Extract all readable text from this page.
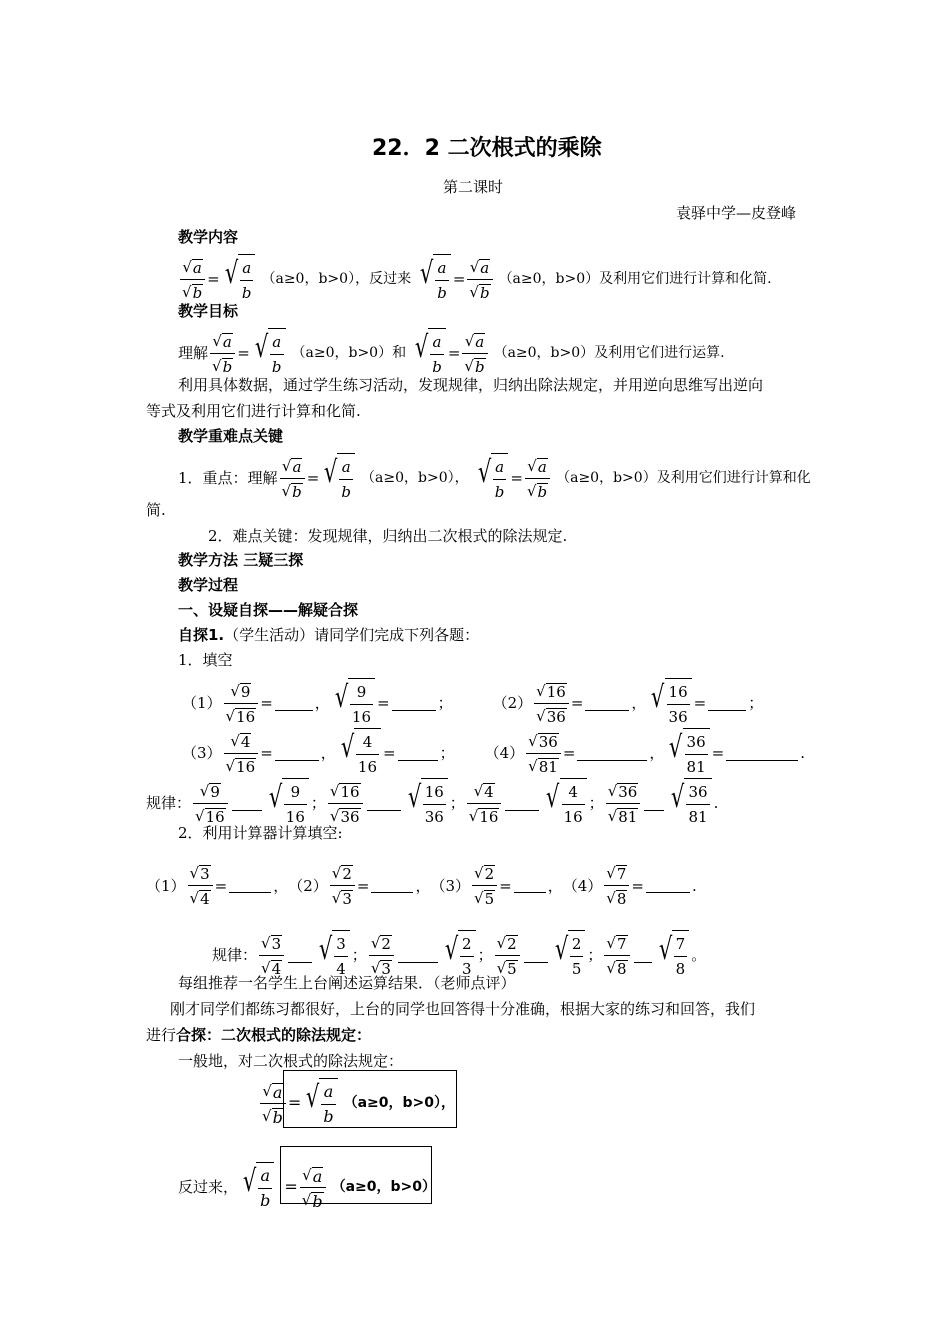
22．2 二次根式的乘除
第二课时
袁驿中学—皮登峰
教学内容
$\frac{√ a}{√ b}$ = √ $\frac{a}{b} (a\ge 0$，b>0），反过来 √ $\frac{a}{b} = \frac{√ a}{√ b} (a\ge 0$，b>0）及利用它们进行计算和化简.
教学目标
理解 $\frac{√ a}{√ b}$ = √ $\frac{a}{b} (a\ge 0$，b>0）和 √ $\frac{a}{b} = \frac{√ a}{√ b} (a\ge 0$，b>0）及利用它们进行运算.
利用具体数据，通过学生练习活动，发现规律，归纳出除法规定，并用逆向思维写出逆向
等式及利用它们进行计算和化简.
教学重难点关键
1．重点：理解 $\frac{√ a}{√ b}$ = √ $\frac{a}{b} (a\ge 0$，b>0）， √ $\frac{a}{b} = \frac{√ a}{√ b} (a\ge 0$，b>0）及利用它们进行计算和化
简.
2．难点关键：发现规律，归纳出二次根式的除法规定.
教学方法 三疑三探
教学过程
一、设疑自探——解疑合探
自探1. （学生活动）请同学们完成下列各题：
1．填空
$(1) \frac{√ 9}{√ 16}$ =	， √ $\frac{9}{16}$ =	；	$(2) \frac{√ 16}{√ 36}$ =	， √ $\frac{16}{36}$ =	；
$(3) \frac{√ 4}{√ 16}$ =	， √ $\frac{4}{16}$ =	； $(4) \frac{√ 36}{√ 81}$ =	， √ $\frac{36}{81}$ =	.
规律： $\frac{√ 9}{√ 16}$ √ $\frac{9}{16}$ ； $\frac{√ 16}{√ 36}$ √ $\frac{16}{36}$ ； $\frac{√ 4}{√ 16}$ √ $\frac{4}{16}$ ； $\frac{√ 36}{√ 81}$ √ $\frac{36}{81}$ .
2．利用计算器计算填空:
$(1) \frac{√ 3}{√ 4}$ =	， $(2) \frac{√ 2}{√ 3}$ =	， $(3) \frac{√ 2}{√ 5}$ = ， $(4) \frac{√ 7}{√ 8}$ =	.
规律： $\frac{√ 3}{√ 4}$ √ $\frac{3}{4}$ ； $\frac{√ 2}{√ 3}$ √ $\frac{2}{3}$ ； $\frac{√ 2}{√ 5}$ √ $\frac{2}{5}$ ； $\frac{√ 7}{√ 8}$ √ $\frac{7}{8}$ 。
每组推荐一名学生上台阐述运算结果．（老师点评）
刚才同学们都练习都很好，上台的同学也回答得十分准确，根据大家的练习和回答，我们
进行 合探：二次根式的除法规定：
一般地，对二次根式的除法规定：
$\frac{√ a}{√ b}$ = √ $\frac{a}{b} (a\ge 0$，b>0），
反过来， √ $\frac{a}{b} = \frac{√ a}{√ b} (a\ge 0$，b>0）
